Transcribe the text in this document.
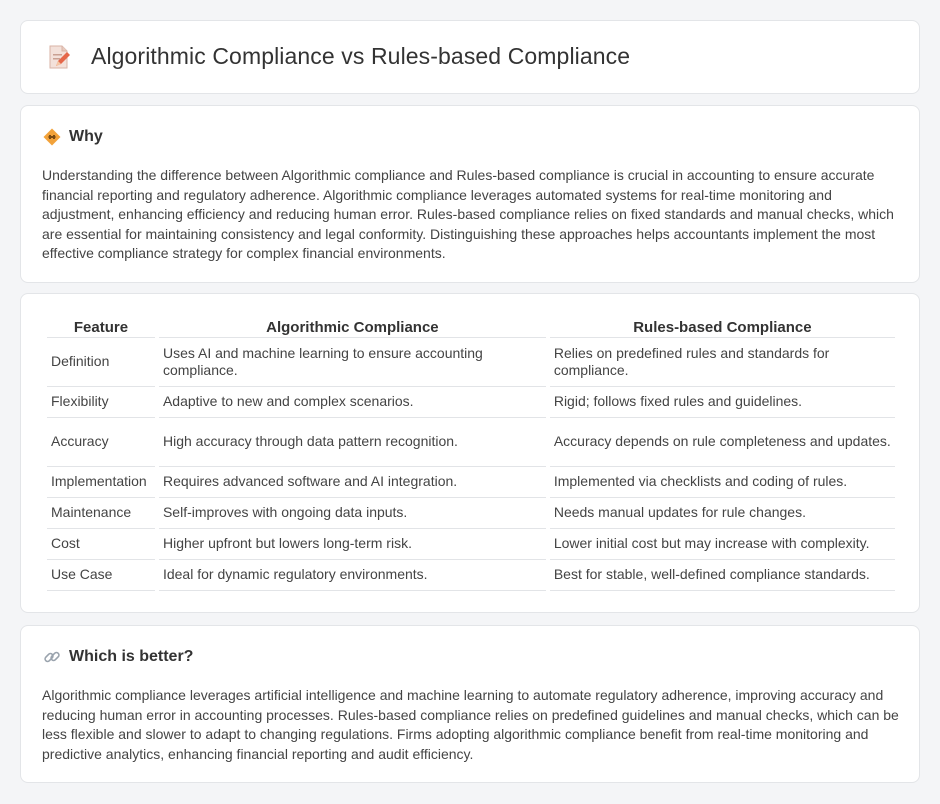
Algorithmic Compliance vs Rules-based Compliance
Why

Understanding the difference between Algorithmic compliance and Rules-based compliance is crucial in accounting to ensure accurate financial reporting and regulatory adherence. Algorithmic compliance leverages automated systems for real-time monitoring and adjustment, enhancing efficiency and reducing human error. Rules-based compliance relies on fixed standards and manual checks, which are essential for maintaining consistency and legal conformity. Distinguishing these approaches helps accountants implement the most effective compliance strategy for complex financial environments.

Feature	Algorithmic Compliance	Rules-based Compliance
Definition	Uses AI and machine learning to ensure accounting compliance.	Relies on predefined rules and standards for compliance.
Flexibility	Adaptive to new and complex scenarios.	Rigid; follows fixed rules and guidelines.
Accuracy	High accuracy through data pattern recognition.	Accuracy depends on rule completeness and updates.
Implementation	Requires advanced software and AI integration.	Implemented via checklists and coding of rules.
Maintenance	Self-improves with ongoing data inputs.	Needs manual updates for rule changes.
Cost	Higher upfront but lowers long-term risk.	Lower initial cost but may increase with complexity.
Use Case	Ideal for dynamic regulatory environments.	Best for stable, well-defined compliance standards.
Which is better?

Algorithmic compliance leverages artificial intelligence and machine learning to automate regulatory adherence, improving accuracy and reducing human error in accounting processes. Rules-based compliance relies on predefined guidelines and manual checks, which can be less flexible and slower to adapt to changing regulations. Firms adopting algorithmic compliance benefit from real-time monitoring and predictive analytics, enhancing financial reporting and audit efficiency.
